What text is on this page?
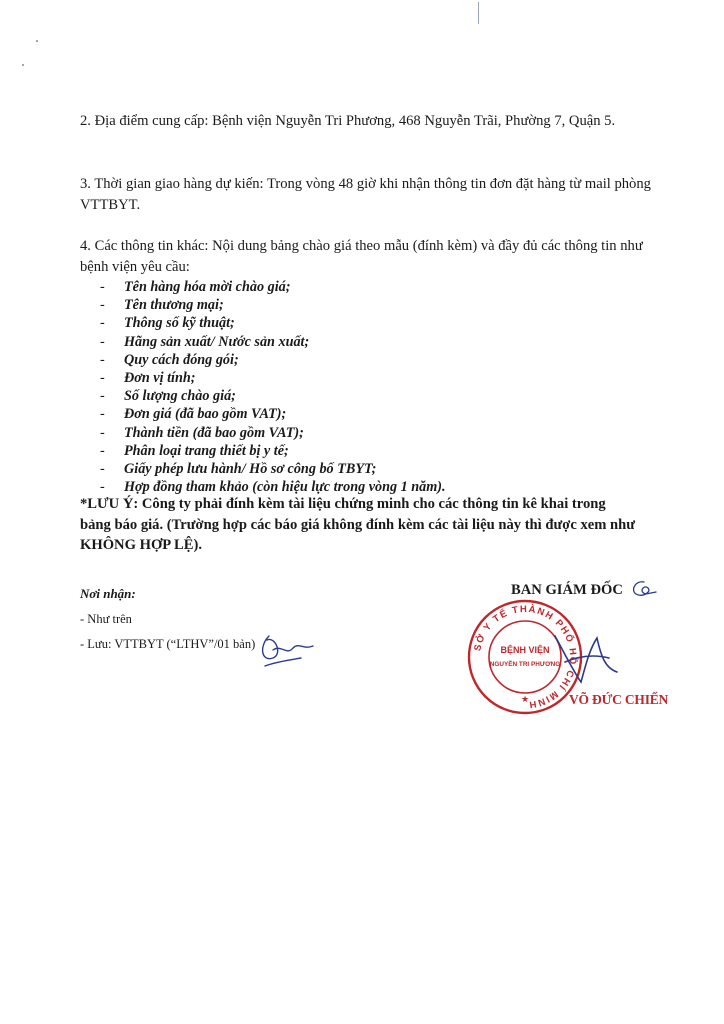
2. Địa điểm cung cấp: Bệnh viện Nguyễn Tri Phương, 468 Nguyễn Trãi, Phường 7, Quận 5.
3. Thời gian giao hàng dự kiến: Trong vòng 48 giờ khi nhận thông tin đơn đặt hàng từ mail phòng VTTBYT.
4. Các thông tin khác: Nội dung bảng chào giá theo mẫu (đính kèm) và đầy đủ các thông tin như bệnh viện yêu cầu:
- Tên hàng hóa mời chào giá;
- Tên thương mại;
- Thông số kỹ thuật;
- Hãng sản xuất/ Nước sản xuất;
- Quy cách đóng gói;
- Đơn vị tính;
- Số lượng chào giá;
- Đơn giá (đã bao gồm VAT);
- Thành tiền (đã bao gồm VAT);
- Phân loại trang thiết bị y tế;
- Giấy phép lưu hành/ Hồ sơ công bố TBYT;
- Hợp đồng tham khảo (còn hiệu lực trong vòng 1 năm).
*LƯU Ý: Công ty phải đính kèm tài liệu chứng minh cho các thông tin kê khai trong bảng báo giá. (Trường hợp các báo giá không đính kèm các tài liệu này thì được xem như KHÔNG HỢP LỆ).
Nơi nhận:
- Như trên
- Lưu: VTTBYT (“LTHV”/01 bản)
BAN GIÁM ĐỐC
SỞ Y TẾ THÀNH PHỐ HỒ CHÍ MINH
BỆNH VIỆN
NGUYỄN TRI PHƯƠNG
★	VÕ ĐỨC CHIẾN
